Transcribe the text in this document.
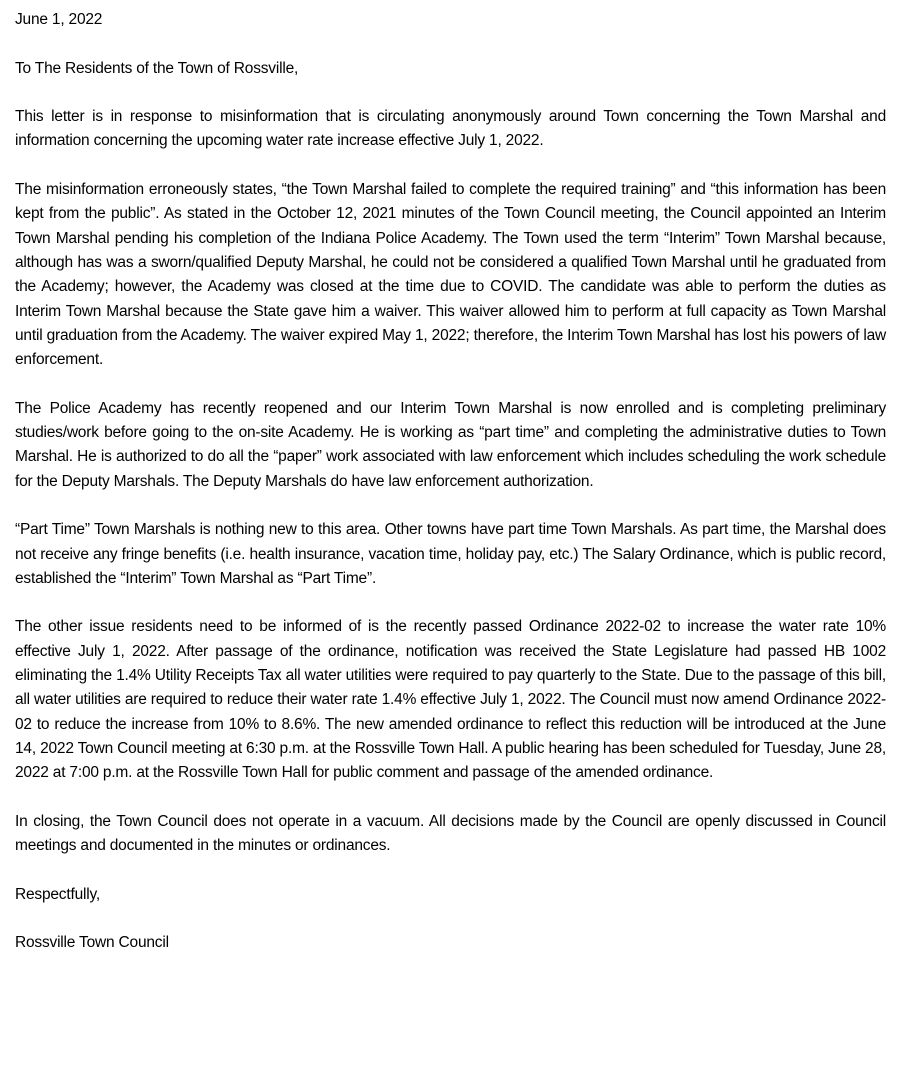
June 1, 2022

To The Residents of the Town of Rossville,

This letter is in response to misinformation that is circulating anonymously around Town concerning the Town Marshal and information concerning the upcoming water rate increase effective July 1, 2022.

The misinformation erroneously states, “the Town Marshal failed to complete the required training” and “this information has been kept from the public”. As stated in the October 12, 2021 minutes of the Town Council meeting, the Council appointed an Interim Town Marshal pending his completion of the Indiana Police Academy. The Town used the term “Interim” Town Marshal because, although has was a sworn/qualified Deputy Marshal, he could not be considered a qualified Town Marshal until he graduated from the Academy; however, the Academy was closed at the time due to COVID. The candidate was able to perform the duties as Interim Town Marshal because the State gave him a waiver. This waiver allowed him to perform at full capacity as Town Marshal until graduation from the Academy. The waiver expired May 1, 2022; therefore, the Interim Town Marshal has lost his powers of law enforcement.

The Police Academy has recently reopened and our Interim Town Marshal is now enrolled and is completing preliminary studies/work before going to the on-site Academy. He is working as “part time” and completing the administrative duties to Town Marshal. He is authorized to do all the “paper” work associated with law enforcement which includes scheduling the work schedule for the Deputy Marshals. The Deputy Marshals do have law enforcement authorization.

“Part Time” Town Marshals is nothing new to this area. Other towns have part time Town Marshals. As part time, the Marshal does not receive any fringe benefits (i.e. health insurance, vacation time, holiday pay, etc.) The Salary Ordinance, which is public record, established the “Interim” Town Marshal as “Part Time”.

The other issue residents need to be informed of is the recently passed Ordinance 2022-02 to increase the water rate 10% effective July 1, 2022. After passage of the ordinance, notification was received the State Legislature had passed HB 1002 eliminating the 1.4% Utility Receipts Tax all water utilities were required to pay quarterly to the State. Due to the passage of this bill, all water utilities are required to reduce their water rate 1.4% effective July 1, 2022. The Council must now amend Ordinance 2022-02 to reduce the increase from 10% to 8.6%. The new amended ordinance to reflect this reduction will be introduced at the June 14, 2022 Town Council meeting at 6:30 p.m. at the Rossville Town Hall. A public hearing has been scheduled for Tuesday, June 28, 2022 at 7:00 p.m. at the Rossville Town Hall for public comment and passage of the amended ordinance.

In closing, the Town Council does not operate in a vacuum. All decisions made by the Council are openly discussed in Council meetings and documented in the minutes or ordinances.

Respectfully,

Rossville Town Council
